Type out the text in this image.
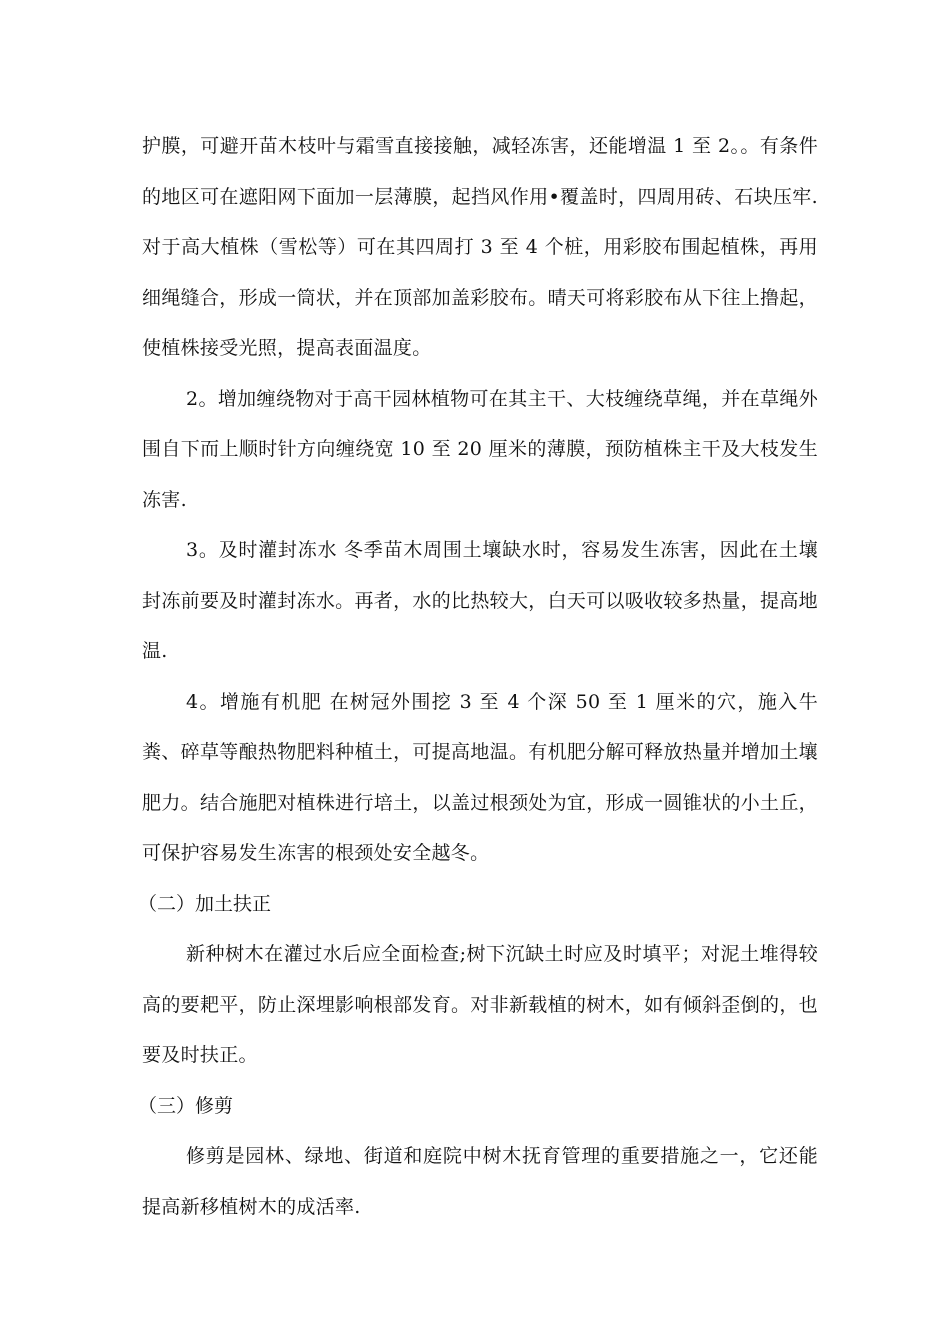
护膜，可避开苗木枝叶与霜雪直接接触，减轻冻害，还能增温 1 至 2。。有条件的地区可在遮阳网下面加一层薄膜，起挡风作用•覆盖时，四周用砖、石块压牢. 对于高大植株（雪松等）可在其四周打 3 至 4 个桩，用彩胶布围起植株，再用细绳缝合，形成一筒状，并在顶部加盖彩胶布。晴天可将彩胶布从下往上撸起，使植株接受光照，提高表面温度。

2。增加缠绕物对于高干园林植物可在其主干、大枝缠绕草绳，并在草绳外围自下而上顺时针方向缠绕宽 10 至 20 厘米的薄膜，预防植株主干及大枝发生冻害.

3。及时灌封冻水 冬季苗木周围土壤缺水时，容易发生冻害，因此在土壤封冻前要及时灌封冻水。再者，水的比热较大，白天可以吸收较多热量，提高地温.

4。增施有机肥 在树冠外围挖 3 至 4 个深 50 至 1 厘米的穴，施入牛粪、碎草等酿热物肥料种植土，可提高地温。有机肥分解可释放热量并增加土壤肥力。结合施肥对植株进行培土，以盖过根颈处为宜，形成一圆锥状的小土丘，可保护容易发生冻害的根颈处安全越冬。

（二）加土扶正

新种树木在灌过水后应全面检查;树下沉缺土时应及时填平；对泥土堆得较高的要耙平，防止深埋影响根部发育。对非新载植的树木，如有倾斜歪倒的，也要及时扶正。

（三）修剪

修剪是园林、绿地、街道和庭院中树木抚育管理的重要措施之一，它还能提高新移植树木的成活率.
